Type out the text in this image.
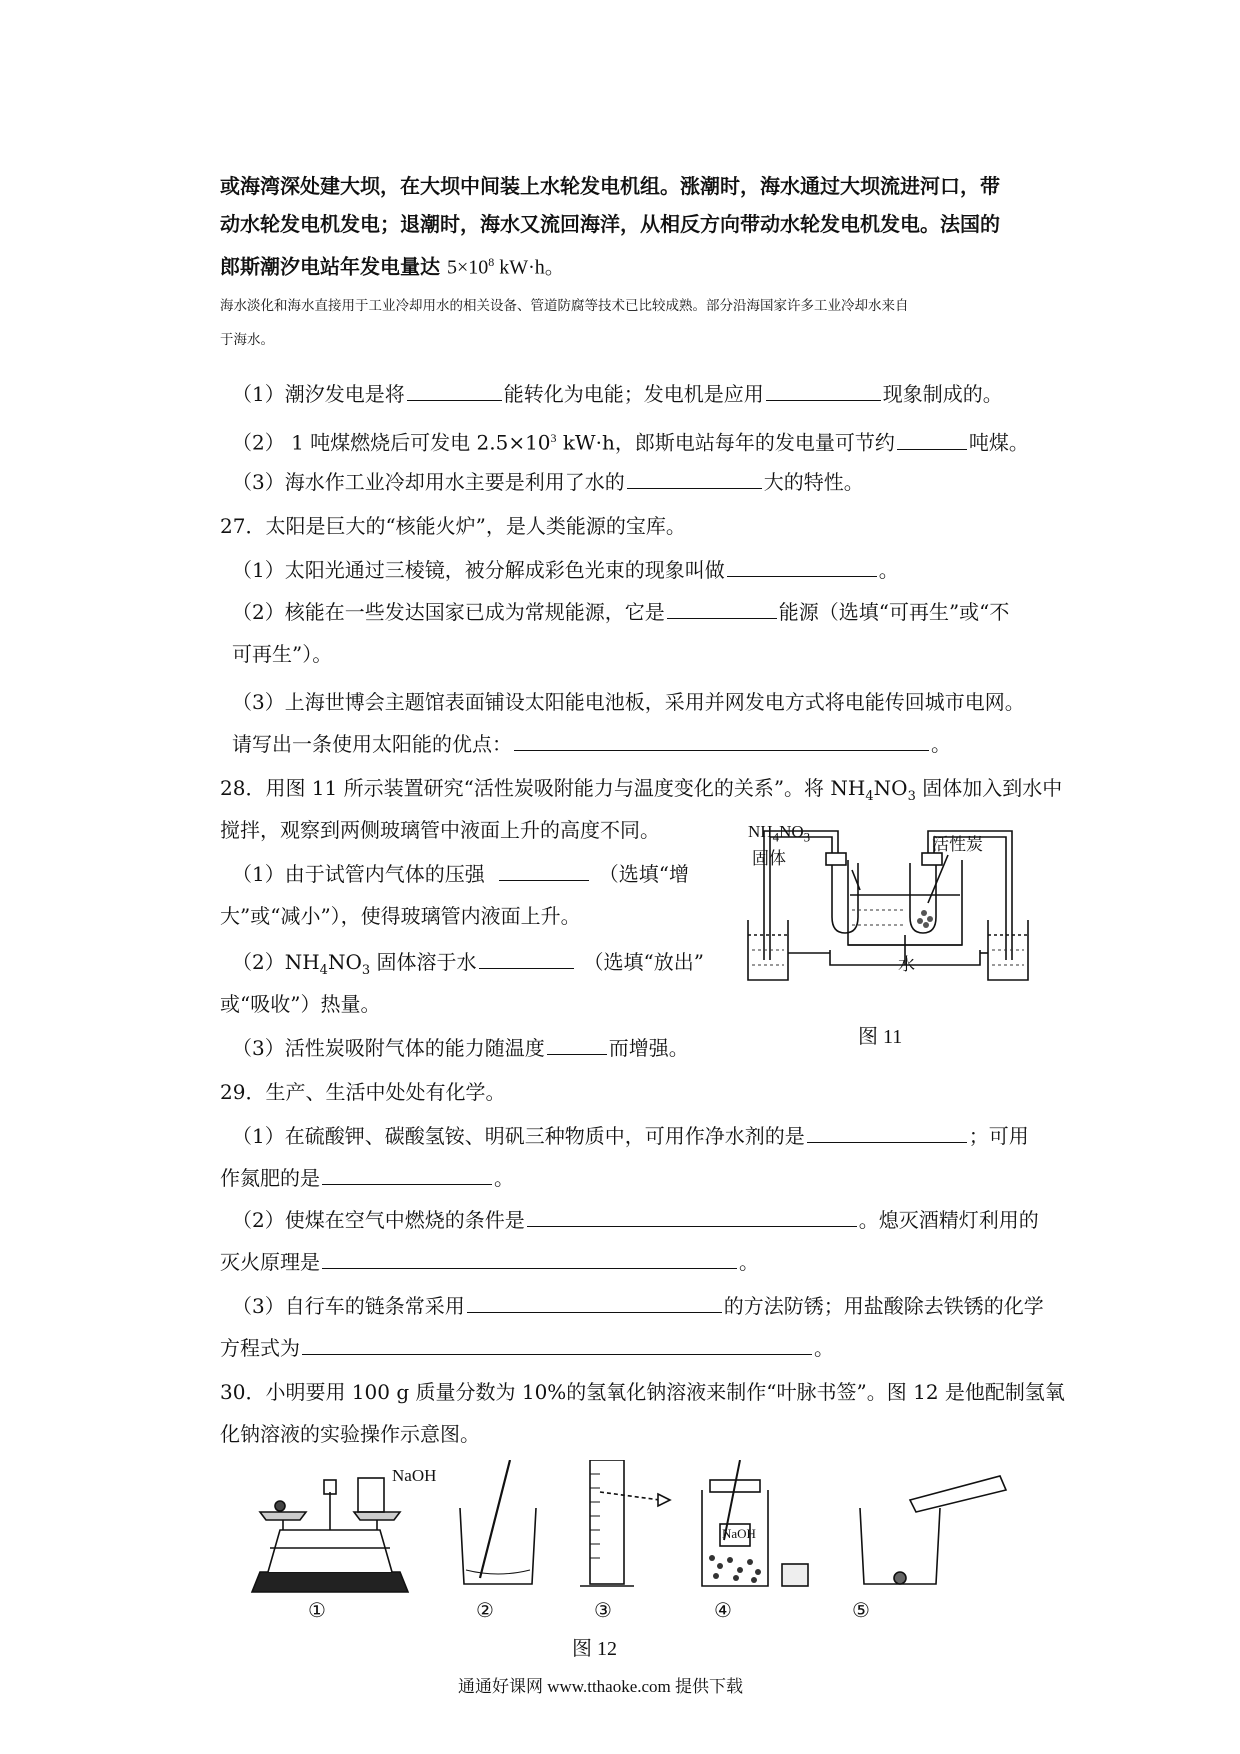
或海湾深处建大坝，在大坝中间装上水轮发电机组。涨潮时，海水通过大坝流进河口，带
动水轮发电机发电；退潮时，海水又流回海洋，从相反方向带动水轮发电机发电。法国的
郎斯潮汐电站年发电量达 $5\times 10^8$ kW·h。
海水淡化和海水直接用于工业冷却用水的相关设备、管道防腐等技术已比较成熟。部分沿海国家许多工业冷却水来自
于海水。
（1）潮汐发电是将	能转化为电能；发电机是应用	现象制成的。
（2） 1 吨煤燃烧后可发电 $2.5\times 10^3$ kW·h，郎斯电站每年的发电量可节约	吨煤。
（3）海水作工业冷却用水主要是利用了水的	大的特性。
27．太阳是巨大的“核能火炉”，是人类能源的宝库。
（1）太阳光通过三棱镜，被分解成彩色光束的现象叫做	。
（2）核能在一些发达国家已成为常规能源，它是	能源（选填“可再生”或“不
可再生”）。
（3）上海世博会主题馆表面铺设太阳能电池板，采用并网发电方式将电能传回城市电网。
请写出一条使用太阳能的优点：	。
28．用图 11 所示装置研究“活性炭吸附能力与温度变化的关系”。将 $NH_4NO_3$ 固体加入到水中
搅拌，观察到两侧玻璃管中液面上升的高度不同。
（1）由于试管内气体的压强	（选填“增
大”或“减小”），使得玻璃管内液面上升。
$(2)NH_4NO_3$ 固体溶于水	（选填“放出”
或“吸收”）热量。
（3）活性炭吸附气体的能力随温度	而增强。
$NH_4NO_3$
固体
活性炭
水
图 11
29．生产、生活中处处有化学。
（1）在硫酸钾、碳酸氢铵、明矾三种物质中，可用作净水剂的是	；可用
作氮肥的是	。
（2）使煤在空气中燃烧的条件是	。熄灭酒精灯利用的
灭火原理是	。
（3）自行车的链条常采用	的方法防锈；用盐酸除去铁锈的化学
方程式为	。
30．小明要用 100 g 质量分数为 10%的氢氧化钠溶液来制作“叶脉书签”。图 12 是他配制氢氧
化钠溶液的实验操作示意图。
NaOH
NaOH
①	②	③	④	⑤
图 12
通通好课网 www.tthaoke.com 提供下载
